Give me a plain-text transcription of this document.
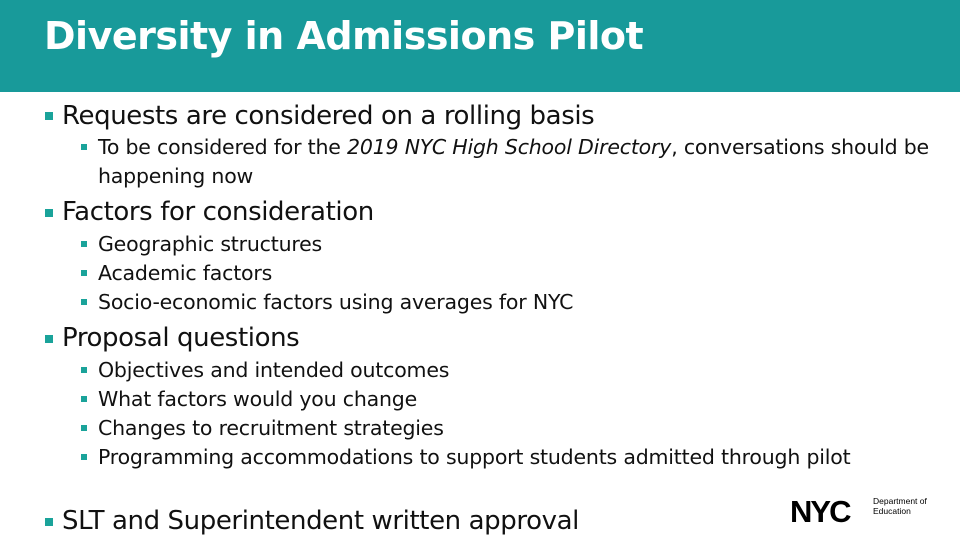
Diversity in Admissions Pilot
Requests are considered on a rolling basis
To be considered for the 2019 NYC High School Directory, conversations should be happening now
Factors for consideration
Geographic structures
Academic factors
Socio-economic factors using averages for NYC
Proposal questions
Objectives and intended outcomes
What factors would you change
Changes to recruitment strategies
Programming accommodations to support students admitted through pilot
SLT and Superintendent written approval	NYC	Department of
Education
